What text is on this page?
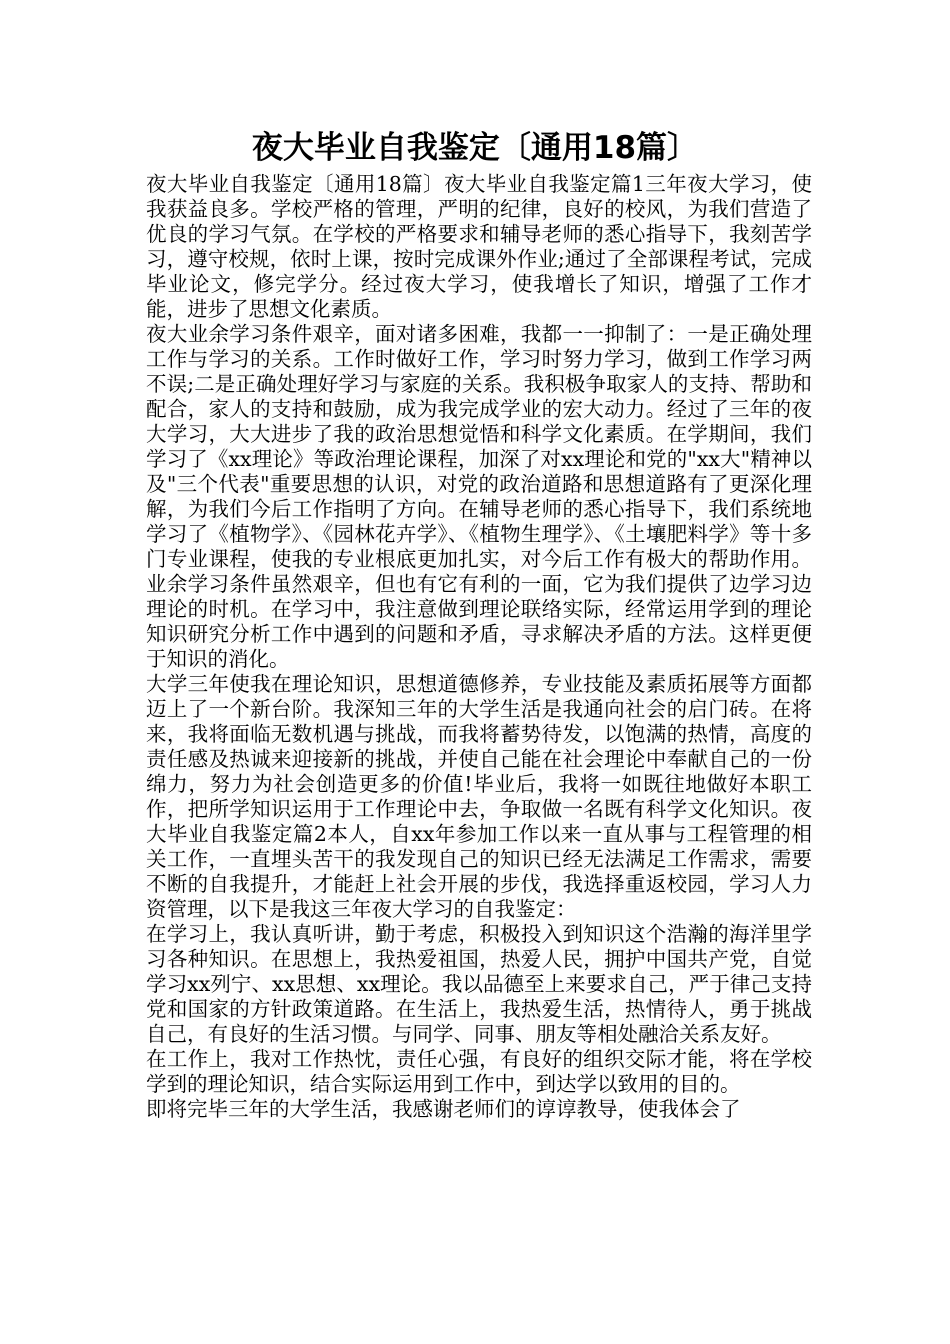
夜大毕业自我鉴定〔通用18篇〕

夜大毕业自我鉴定〔通用18篇〕夜大毕业自我鉴定篇1三年夜大学习，使我获益良多。学校严格的管理，严明的纪律，良好的校风，为我们营造了优良的学习气氛。在学校的严格要求和辅导老师的悉心指导下，我刻苦学习，遵守校规，依时上课，按时完成课外作业;通过了全部课程考试，完成毕业论文，修完学分。经过夜大学习，使我增长了知识，增强了工作才能，进步了思想文化素质。

夜大业余学习条件艰辛，面对诸多困难，我都一一抑制了：一是正确处理工作与学习的关系。工作时做好工作，学习时努力学习，做到工作学习两不误;二是正确处理好学习与家庭的关系。我积极争取家人的支持、帮助和配合，家人的支持和鼓励，成为我完成学业的宏大动力。经过了三年的夜大学习，大大进步了我的政治思想觉悟和科学文化素质。在学期间，我们学习了《xx理论》等政治理论课程，加深了对xx理论和党的"xx大"精神以及"三个代表"重要思想的认识，对党的政治道路和思想道路有了更深化理解，为我们今后工作指明了方向。在辅导老师的悉心指导下，我们系统地学习了《植物学》、《园林花卉学》、《植物生理学》、《土壤肥料学》等十多门专业课程，使我的专业根底更加扎实，对今后工作有极大的帮助作用。业余学习条件虽然艰辛，但也有它有利的一面，它为我们提供了边学习边理论的时机。在学习中，我注意做到理论联络实际，经常运用学到的理论知识研究分析工作中遇到的问题和矛盾，寻求解决矛盾的方法。这样更便于知识的消化。

大学三年使我在理论知识，思想道德修养，专业技能及素质拓展等方面都迈上了一个新台阶。我深知三年的大学生活是我通向社会的启门砖。在将来，我将面临无数机遇与挑战，而我将蓄势待发，以饱满的热情，高度的责任感及热诚来迎接新的挑战，并使自己能在社会理论中奉献自己的一份绵力，努力为社会创造更多的价值!毕业后，我将一如既往地做好本职工作，把所学知识运用于工作理论中去，争取做一名既有科学文化知识。夜大毕业自我鉴定篇2本人，自xx年参加工作以来一直从事与工程管理的相关工作，一直埋头苦干的我发现自己的知识已经无法满足工作需求，需要不断的自我提升，才能赶上社会开展的步伐，我选择重返校园，学习人力资管理，以下是我这三年夜大学习的自我鉴定：

在学习上，我认真听讲，勤于考虑，积极投入到知识这个浩瀚的海洋里学习各种知识。在思想上，我热爱祖国，热爱人民，拥护中国共产党，自觉学习xx列宁、xx思想、xx理论。我以品德至上来要求自己，严于律己支持党和国家的方针政策道路。在生活上，我热爱生活，热情待人，勇于挑战自己，有良好的生活习惯。与同学、同事、朋友等相处融洽关系友好。

在工作上，我对工作热忱，责任心强，有良好的组织交际才能，将在学校学到的理论知识，结合实际运用到工作中，到达学以致用的目的。

即将完毕三年的大学生活，我感谢老师们的谆谆教导，使我体会了
